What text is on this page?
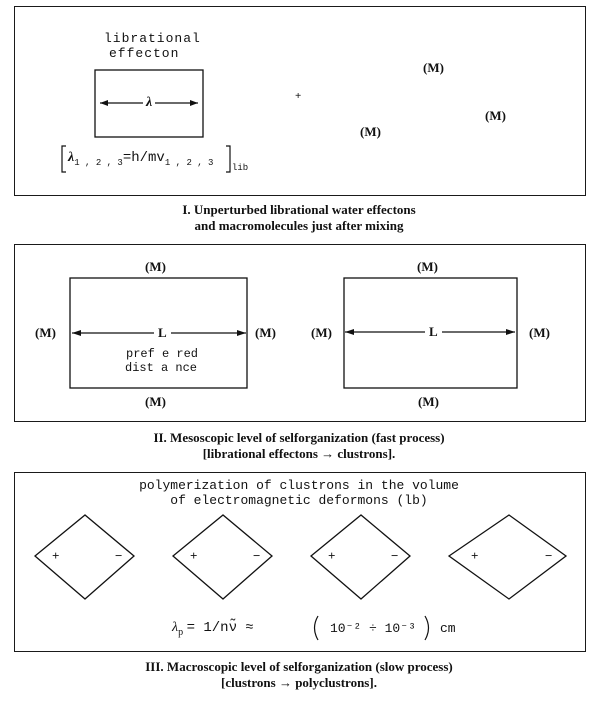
librational
effecton
λ
$\lambda_{1 , 2 , 3}=h/mv_{1 , 2 , 3}$
lib
+
(M)
(M)
(M)
I. Unperturbed librational water effectons
and macromolecules just after mixing
(M)
(M)	(M)
(M)
L
pref e red
dist a nce
(M)
(M)	(M)
(M)
L
II. Mesoscopic level of selforganization (fast process)
[librational effectons → clustrons].
polymerization of clustrons in the volume
of electromagnetic deformons (lb)
+	−	+	−	+	−	+	−
$\lambda_p$ = 1/nν̃ ≈	10⁻² ÷ 10⁻³ cm
III. Macroscopic level of selforganization (slow process)
[clustrons → polyclustrons].
